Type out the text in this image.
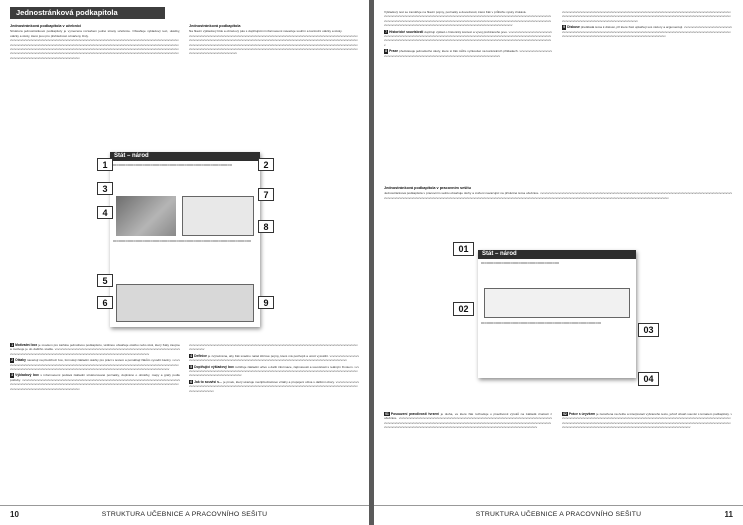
Jednostránková podkapitola
Jednostránková podkapitola v učebnici
Struktura jednostránkové podkapitoly je vymezena rozsahem jedné strany učebnice. Obsahuje výkladový text, ukázky, otázky a úkoly, které jsou pro přehlednost označeny čísly.
vvvvvvvvvvvvvvvvvvvvvvvvvvvvvvvvvvvvvvvvvvvvvvvvvvvvvvvvvvvvvvvvvvvvvvvvvvvvvvvvvvvvvvvvvvvvvvvvvvvvvvvvvvvvvvvvvvvvvvvvvvvvvvvvvvvvvvvvvvvvvvvvvvvvvvvvvvvvvvvvvvvvvvvvvvvvvvvvvvvvvvvvvvvvvvvvvvvvvvvvvvvvvvvvvvvvvvvvvvvvvvvvvvvvvvvvvvvvvvvvvvvvvvvvvvvvvvvvvvvvvvvvvvvvvvvvvvvvvvvvvvvvvvvvvvvvvvvvvvvvvvvvvvvvvvvvvvvvvvvvvvvvvvvvvvvvvvvvvvvvvvvvvvvvvvvvvvvvvvvvvvvvvvvvvvvvvvvvvvvvvvvvvvvvvvvvvvvvvvvvvvvvvvvvvvvvvvvvvvvvvvvvvvvvvvvvvvvvvvvvvvvvvvvvvvvvvvvvvvvvvvvvvvvvvvvvvvvvvvvvv
Jednostránková podkapitola
Na hlavní výkladový blok a obrazový pás s doplňujícími informacemi navazuje souhrn a kontrolní otázky a úkoly.
vvvvvvvvvvvvvvvvvvvvvvvvvvvvvvvvvvvvvvvvvvvvvvvvvvvvvvvvvvvvvvvvvvvvvvvvvvvvvvvvvvvvvvvvvvvvvvvvvvvvvvvvvvvvvvvvvvvvvvvvvvvvvvvvvvvvvvvvvvvvvvvvvvvvvvvvvvvvvvvvvvvvvvvvvvvvvvvvvvvvvvvvvvvvvvvvvvvvvvvvvvvvvvvvvvvvvvvvvvvvvvvvvvvvvvvvvvvvvvvvvvvvvvvvvvvvvvvvvvvvvvvvvvvvvvvvvvvvvvvvvvvvvvvvvvvvvvvvvvvvvvvvvvvvvvvvvvvvvvvvvvvvvvvvvvvvvvvvvvvvvvvvvvvvvvvvvvvvvvvvvvvvvvvvvvvvvvvvvvvvvvvvvvvvvvvvvvvvvvvvvvvvvvvvvvvvvvvvvvvvvvvvvvvvvvvvvvvvvvvvvvvvvvvvvvvvvvvvvvvvvvvvvvv
Stát – národ
llllllllllllllllllllllllllllllllllllllllllllllllllllllllllllllllllllllllllllllllllllllllllllllllllllllllllllllllllllllllllllllllllllllllllllllllllllllllllllllllllllllllllllllllllllllllllllllllllllllllllllllllllllllllllllllll
llllllllllllllllllllllllllllllllllllllllllllllllllllllllllllllllllllllllllllllllllllllllllllllllllllllllllllllllllllllllllllllllllllllllllllllllllllllllllllllllllllllllllllllllllllllllllllllllllllllllllllllllllllllllllllllllllllllllllllllllllllllllllllllllllll
1
3
4
5
6
2
7
8
9

1 Motivační box je úvodem pro každou jednotlivou podkapitolu, většinou obsahuje otázku nebo úkol, který žáky zaujme a motivuje je do dalšího studia. vvvvvvvvvvvvvvvvvvvvvvvvvvvvvvvvvvvvvvvvvvvvvvvvvvvvvvvvvvvvvvvvvvvvvvvvvvvvvvvvvvvvvvvvvvvvvvvvvvvvvvvvvvvvvvvvvvvvvvvvvvvvvvvvvvvvvvvvvvvvvvvvvvvvvvvvvvvvvvvvvvvvvvvvvvv

2 Otázky navazují na předchozí box, formulují základní otázky pro práci s textem a pomáhají žákům vyvodit závěry. vvvvvvvvvvvvvvvvvvvvvvvvvvvvvvvvvvvvvvvvvvvvvvvvvvvvvvvvvvvvvvvvvvvvvvvvvvvvvvvvvvvvvvvvvvvvvvvvvvvvvvvvvvvvvvvvvvvvvvvvvvvvvvvvvvvvvvvvvvvvvvvvvvvvvvvvvvvvvvvvvvvvvvvvvvvvvvvvvvvvvvvvvvvvvvvvvvvvvvvvvvvvvvvvvvvvvvvvv

3 Výkladový box s informacemi podává základní strukturované poznatky, doplněné o obrázky, mapy a grafy podle potřeby. vvvvvvvvvvvvvvvvvvvvvvvvvvvvvvvvvvvvvvvvvvvvvvvvvvvvvvvvvvvvvvvvvvvvvvvvvvvvvvvvvvvvvvvvvvvvvvvvvvvvvvvvvvvvvvvvvvvvvvvvvvvvvvvvvvvvvvvvvvvvvvvvvvvvvvvvvvvvvvvvvvvvvvvvvvvvvvvvvvvvvvvvvvvvvvvvvvvvvvvvvvvvvvvvvvvvvvvvvvvvvvvvvvvvvvvvvvvvvvvvvvvvvvvvvvvvvvvv

vvvvvvvvvvvvvvvvvvvvvvvvvvvvvvvvvvvvvvvvvvvvvvvvvvvvvvvvvvvvvvvvvvvvvvvvvvvvvvvvvvvvvvvvvvvvvvvvvvvvvvvvvvvvvvvvvvvvvvv

4 Definice je zvýrazněna, aby žák snadno našel klíčové pojmy, které má pochopit a umět vysvětlit. vvvvvvvvvvvvvvvvvvvvvvvvvvvvvvvvvvvvvvvvvvvvvvvvvvvvvvvvvvvvvvvvvvvvvvvvvvvvvvvvvvvvvvvvvvvvvvvvvvvvvvvvvvvvvvvvvvvvvvvvv

5 Doplňující výkladový box rozšiřuje základní učivo o další informace, zajímavosti a souvislosti s reálným životem. vvvvvvvvvvvvvvvvvvvvvvvvvvvvvvvvvvvvvvvvvvvvvvvvvvvvvvvvvvvvvvvvvvvvvvvvvvvvvvvvvvvvvvvvvvvvvvvvvvvvvvvvvvvvvvvvvvvvvvvvvvvvvvvvvvvvvvvvvvvvvvvvvv

6 Jak to souvisí s… je prvek, který ukazuje mezipředmětové vztahy a propojení učiva s dalšími obory. vvvvvvvvvvvvvvvvvvvvvvvvvvvvvvvvvvvvvvvvvvvvvvvvvvvvvvvvvvvvvvvvvvvvvvvvvvvvvvvvvvvvvvvvvvvvvvvvvvvvvvvvvvvvvvvvvvvvvvvvvvvvvvvvvvvvvvvvvvvv

10	STRUKTURA UČEBNICE A PRACOVNÍHO SEŠITU
Výkladový text se zaměřuje na hlavní pojmy, poznatky a dovednosti, které žák v průběhu výuky získává.
vvvvvvvvvvvvvvvvvvvvvvvvvvvvvvvvvvvvvvvvvvvvvvvvvvvvvvvvvvvvvvvvvvvvvvvvvvvvvvvvvvvvvvvvvvvvvvvvvvvvvvvvvvvvvvvvvvvvvvvvvvvvvvvvvvvvvvvvvvvvvvvvvvvvvvvvvvvvvvvvvvvvvvvvvvvvvvvvvvvvvvvvvvvvvvvvvvvvvvvvvvvvvvvvvvvvvvvvvvvvvvvvvvvvvvvvvvvvvvvvvvvvvvvvvvvvvvvvvvvvvvvvvvvvvvvvvvvvvvvvvvvvvvvvvvvvvvvvvvv

7 Historické souvislosti doplňují výklad o historický kontext a vývoj probíraného jevu. vvvvvvvvvvvvvvvvvvvvvvvvvvvvvvvvvvvvvvvvvvvvvvvvvvvvvvvvvvvvvvvvvvvvvvvvvvvvvvvvvvvvvvvvvvvvvvvvvvvvvvvvvvvvvvvvvvvvvvvvvvvvvvvvvvvvvvvvvvvvvvvvvvvvvvvvvvvvvvvvvvvvvvvvvvvvvvvvvvvvvvvvvvvvvvvvvvvvvvvvvvvvvvvvvvvvvvvvvvvvvvvvvvvvvvvvvvvvvvvvvvvvv

8 Praxe představuje jednoduché úkoly, které si žák může vyzkoušet na konkrétních příkladech. vvvvvvvvvvvvvvvvvvvvvvvvvvvvvvvvvvvvvvvvvvvvvvvvvvvvvvvvvvvvvvvvvvvvvvvvvvvvvvvvvvvvvvvvvvvvvvvv

vvvvvvvvvvvvvvvvvvvvvvvvvvvvvvvvvvvvvvvvvvvvvvvvvvvvvvvvvvvvvvvvvvvvvvvvvvvvvvvvvvvvvvvvvvvvvvvvvvvvvvvvvvvvvvvvvvvvvvvvvvvvvvvvvvvvvvvvvvvvvvvvvvvvvvvvvvvvvvvvvvvvvvvvvvvvvvvvvvvvvvvvvvvvvvvvvvvvvvvvvvvvvvvvvvvvvvvvvvvvvvvvvvvvvvvvvvvvvvvvvvvvvvvvvvvvvvvvvvvvvvvvvvv

9 Diskuse předkládá téma k diskusi, při které žáci uplatňují své názory a argumentují. vvvvvvvvvvvvvvvvvvvvvvvvvvvvvvvvvvvvvvvvvvvvvvvvvvvvvvvvvvvvvvvvvvvvvvvvvvvvvvvvvvvvvvvvvvvvvvvvvvvvvvvvvvvvvvvvvvvvvvvvvvvvvvvvvvvvvvvvvvvvvvvvvvvvvvvvvvvvvvvvvvvvvvvvvvvvvvvvvvvvvvvvvvvvvvvvvvvvvvvvvvvvvvv

Jednostránková podkapitola v pracovním sešitu
Jednostránková podkapitola v pracovním sešitu obsahuje úlohy a cvičení navazující na příslušné téma učebnice. vvvvvvvvvvvvvvvvvvvvvvvvvvvvvvvvvvvvvvvvvvvvvvvvvvvvvvvvvvvvvvvvvvvvvvvvvvvvvvvvvvvvvvvvvvvvvvvvvvvvvvvvvvvvvvvvvvvvvvvvvvvvvvvvvvvvvvvvvvvvvvvvvvvvvvvvvvvvvvvvvvvvvvvvvvvvvvvvvvvvvvvvvvvvvvvvvvvvvvvvvvvvvvvvvvvvvvvvvvvvvvvvvvvvvvvvvvvvvvvvvvvvvvvvvvvvvvvvvvvvvvvvvvvvvvvvvvvvvvvvvvvvvvvvvvvvvvvvvvvvvvvvvvvv
Stát – národ
lllllllllllllllllllllllllllllllllllllllllllllllllllllllllllllllllllllllllllllllllllllllllllllllllllllllllllllllllllllllllllllllllllllllllllllllllll
llllllllllllllllllllllllllllllllllllllllllllllllllllllllllllllllllllllllllllllllllllllllllllllllllllllllllllllllllllllllllllllllllllllllllllllllllllllllllllllllllllllllllllllllllllllllllllllllllllllllllllllllllllllllllllllllll
01
02
03
04

01 Posouzení pravdivosti tvrzení je úloha, ve které žák rozhoduje o pravdivosti výroků na základě znalostí z učebnice. vvvvvvvvvvvvvvvvvvvvvvvvvvvvvvvvvvvvvvvvvvvvvvvvvvvvvvvvvvvvvvvvvvvvvvvvvvvvvvvvvvvvvvvvvvvvvvvvvvvvvvvvvvvvvvvvvvvvvvvvvvvvvvvvvvvvvvvvvvvvvvvvvvvvvvvvvvvvvvvvvvvvvvvvvvvvvvvvvvvvvvvvvvvvvvvvvvvvvvvvvvvvvvvvvvvvvvvvvvvvvvvvvvvvvvvvvvvvvvvvvvvvvvvvvvvvvvvvvvvvvvvvvvvvvvvvvvvvvvvvvvvvvvvvvvvvvvvvvvvvvvvvvv

02 Práce s úryvkem je zaměřena na četbu a interpretaci vybraného textu, jehož obsah souvisí s tématem podkapitoly. vvvvvvvvvvvvvvvvvvvvvvvvvvvvvvvvvvvvvvvvvvvvvvvvvvvvvvvvvvvvvvvvvvvvvvvvvvvvvvvvvvvvvvvvvvvvvvvvvvvvvvvvvvvvvvvvvvvvvvvvvvvvvvvvvvvvvvvvvvvvvvvvvvvvvvvvvvvvvvvvvvvvvvvvvvvvvvvvvvvvvvvvvvvvvvvvvvvvvvvvvvvvvvvvvvvvvvvvvvvvvvvvvvvvvvvvvvvvvvvvvvvvvvvvvvvvvvvvvvvvvvvvvvvvvvvvvvvvvvvvvvvvvvvvvvvvvvvvvvvvvv

STRUKTURA UČEBNICE A PRACOVNÍHO SEŠITU	11
